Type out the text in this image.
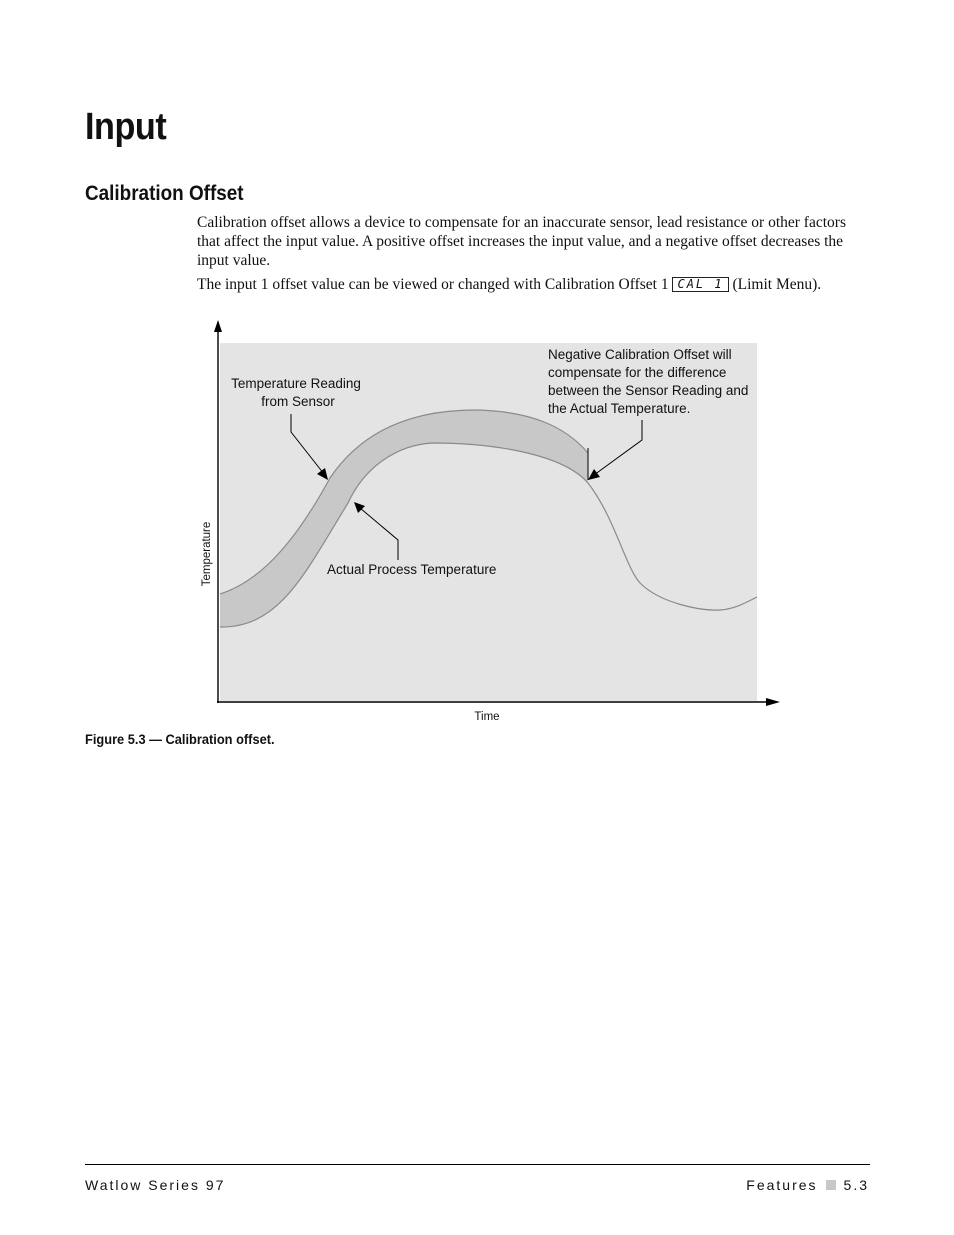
Input
Calibration Offset

Calibration offset allows a device to compensate for an inaccurate sensor, lead resistance or other factors that affect the input value. A positive offset increases the input value, and a negative offset decreases the input value.

The input 1 offset value can be viewed or changed with Calibration Offset 1 CAL 1 (Limit Menu).

Temperature
Time
Temperature Reading
from Sensor
Actual Process Temperature
Negative Calibration Offset will
compensate for the difference
between the Sensor Reading and
the Actual Temperature.

Figure 5.3 — Calibration offset.

Watlow Series 97	Features 5.3
